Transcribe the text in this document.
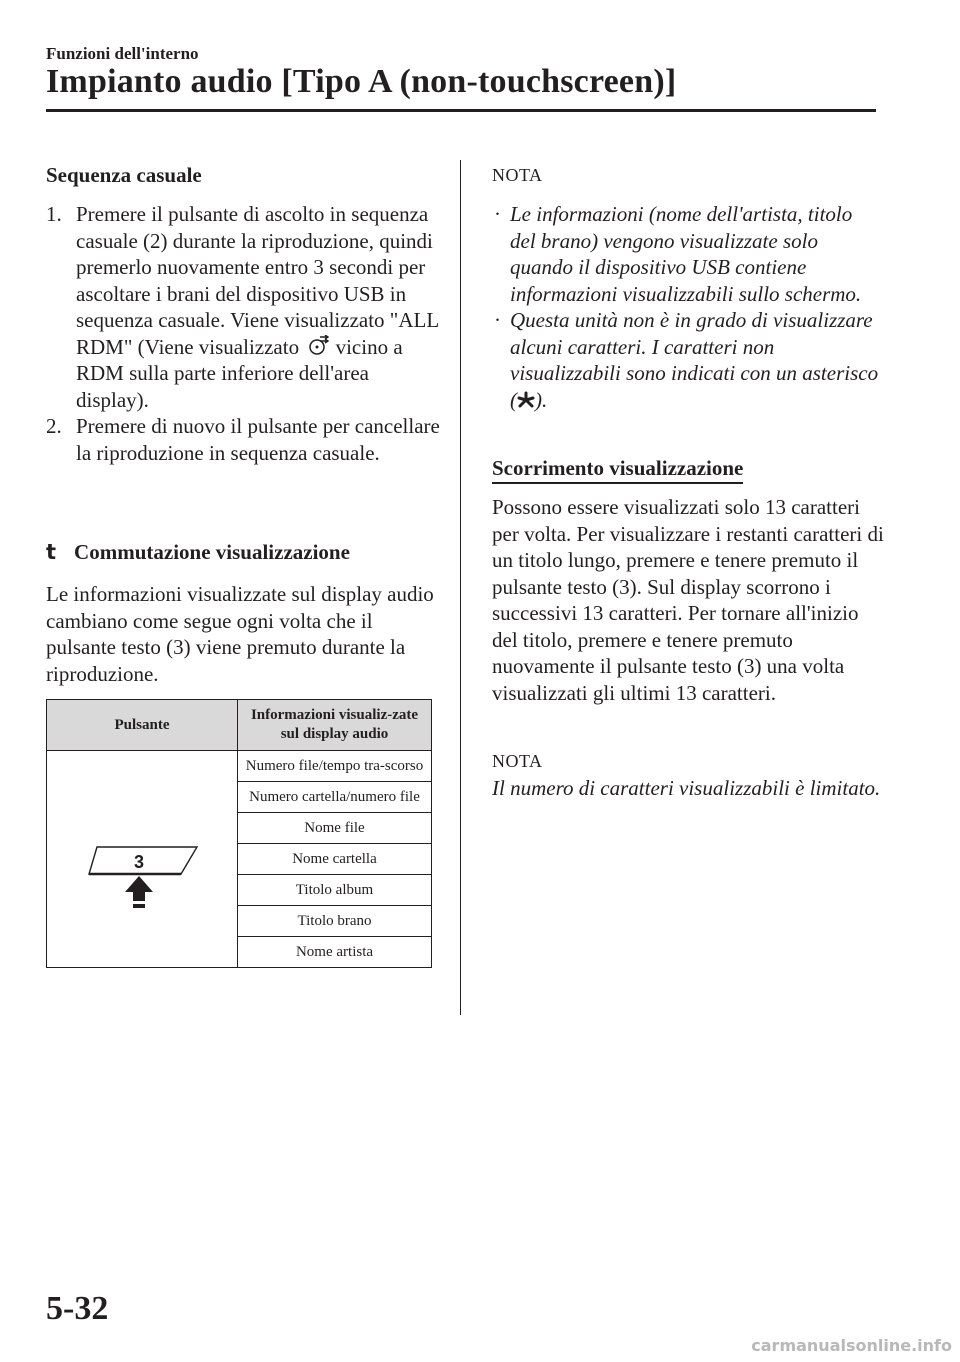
Funzioni dell'interno
Impianto audio [Tipo A (non-touchscreen)]
Sequenza casuale
1. Premere il pulsante di ascolto in sequenza casuale (2) durante la riproduzione, quindi premerlo nuovamente entro 3 secondi per ascoltare i brani del dispositivo USB in sequenza casuale. Viene visualizzato "ALL RDM" (Viene visualizzato vicino a RDM sulla parte inferiore dell'area display).
2. Premere di nuovo il pulsante per cancellare la riproduzione in sequenza casuale.
t Commutazione visualizzazione
Le informazioni visualizzate sul display audio cambiano come segue ogni volta che il pulsante testo (3) viene premuto durante la riproduzione.
Pulsante	Informazioni visualiz-zate sul display audio

3	Numero file/tempo tra-scorso
	Numero cartella/numero file
	Nome file
	Nome cartella
	Titolo album
	Titolo brano
	Nome artista
NOTA
· Le informazioni (nome dell'artista, titolo del brano) vengono visualizzate solo quando il dispositivo USB contiene informazioni visualizzabili sullo schermo.
· Questa unità non è in grado di visualizzare alcuni caratteri. I caratteri non visualizzabili sono indicati con un asterisco ( ).
Scorrimento visualizzazione
Possono essere visualizzati solo 13 caratteri per volta. Per visualizzare i restanti caratteri di un titolo lungo, premere e tenere premuto il pulsante testo (3). Sul display scorrono i successivi 13 caratteri. Per tornare all'inizio del titolo, premere e tenere premuto nuovamente il pulsante testo (3) una volta visualizzati gli ultimi 13 caratteri.
NOTA
Il numero di caratteri visualizzabili è limitato.
5-32
carmanualsonline.info
